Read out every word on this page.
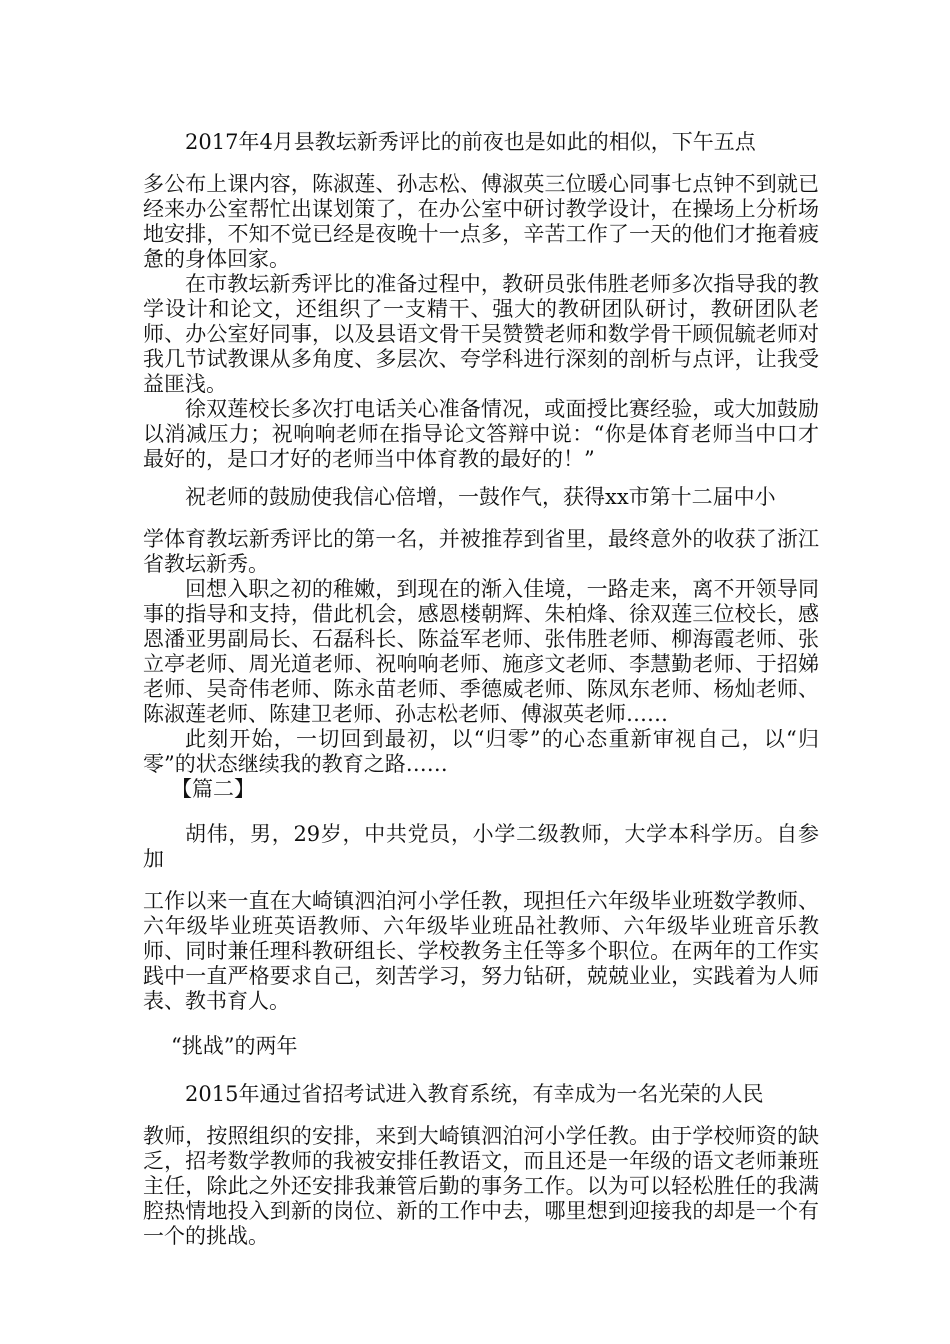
2017年4月县教坛新秀评比的前夜也是如此的相似，下午五点

多公布上课内容，陈淑莲、孙志松、傅淑英三位暖心同事七点钟不到就已经来办公室帮忙出谋划策了，在办公室中研讨教学设计，在操场上分析场地安排，不知不觉已经是夜晚十一点多，辛苦工作了一天的他们才拖着疲惫的身体回家。

在市教坛新秀评比的准备过程中，教研员张伟胜老师多次指导我的教学设计和论文，还组织了一支精干、强大的教研团队研讨，教研团队老师、办公室好同事，以及县语文骨干吴赞赞老师和数学骨干顾侃毓老师对我几节试教课从多角度、多层次、夸学科进行深刻的剖析与点评，让我受益匪浅。

徐双莲校长多次打电话关心准备情况，或面授比赛经验，或大加鼓励以消减压力；祝响响老师在指导论文答辩中说：“你是体育老师当中口才最好的，是口才好的老师当中体育教的最好的！”

祝老师的鼓励使我信心倍增，一鼓作气，获得xx市第十二届中小

学体育教坛新秀评比的第一名，并被推荐到省里，最终意外的收获了浙江省教坛新秀。

回想入职之初的稚嫩，到现在的渐入佳境，一路走来，离不开领导同事的指导和支持，借此机会，感恩楼朝辉、朱柏烽、徐双莲三位校长，感恩潘亚男副局长、石磊科长、陈益军老师、张伟胜老师、柳海霞老师、张立亭老师、周光道老师、祝响响老师、施彦文老师、李慧勤老师、于招娣老师、吴奇伟老师、陈永苗老师、季德威老师、陈凤东老师、杨灿老师、陈淑莲老师、陈建卫老师、孙志松老师、傅淑英老师……

此刻开始，一切回到最初，以“归零”的心态重新审视自己，以“归零”的状态继续我的教育之路……

【篇二】

胡伟，男，29岁，中共党员，小学二级教师，大学本科学历。自参加

工作以来一直在大崎镇泗泊河小学任教，现担任六年级毕业班数学教师、六年级毕业班英语教师、六年级毕业班品社教师、六年级毕业班音乐教师、同时兼任理科教研组长、学校教务主任等多个职位。在两年的工作实践中一直严格要求自己，刻苦学习，努力钻研，兢兢业业，实践着为人师表、教书育人。

“挑战”的两年

2015年通过省招考试进入教育系统，有幸成为一名光荣的人民

教师，按照组织的安排，来到大崎镇泗泊河小学任教。由于学校师资的缺乏，招考数学教师的我被安排任教语文，而且还是一年级的语文老师兼班主任，除此之外还安排我兼管后勤的事务工作。以为可以轻松胜任的我满腔热情地投入到新的岗位、新的工作中去，哪里想到迎接我的却是一个有一个的挑战。
